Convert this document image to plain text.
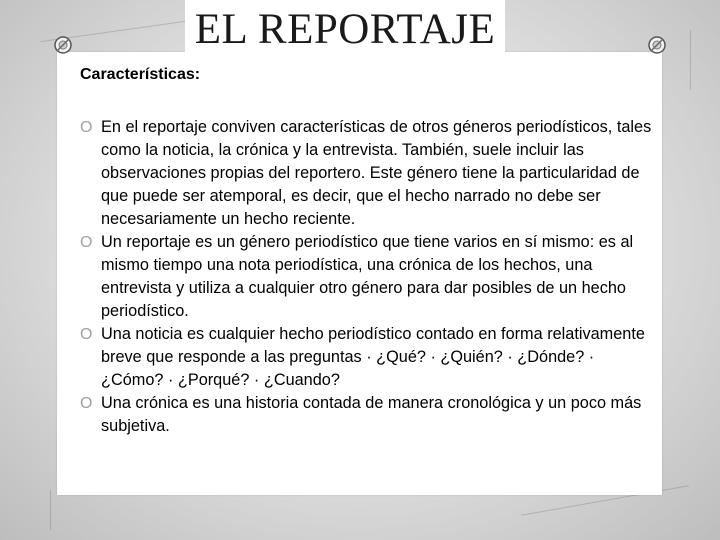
EL REPORTAJE
Características:
O En el reportaje conviven características de otros géneros periodísticos, tales como la noticia, la crónica y la entrevista. También, suele incluir las observaciones propias del reportero. Este género tiene la particularidad de que puede ser atemporal, es decir, que el hecho narrado no debe ser necesariamente un hecho reciente.
O Un reportaje es un género periodístico que tiene varios en sí mismo: es al mismo tiempo una nota periodística, una crónica de los hechos, una entrevista y utiliza a cualquier otro género para dar posibles de un hecho periodístico.
O Una noticia es cualquier hecho periodístico contado en forma relativamente breve que responde a las preguntas · ¿Qué? · ¿Quién? · ¿Dónde? · ¿Cómo? · ¿Porqué? · ¿Cuando?
O Una crónica es una historia contada de manera cronológica y un poco más subjetiva.
